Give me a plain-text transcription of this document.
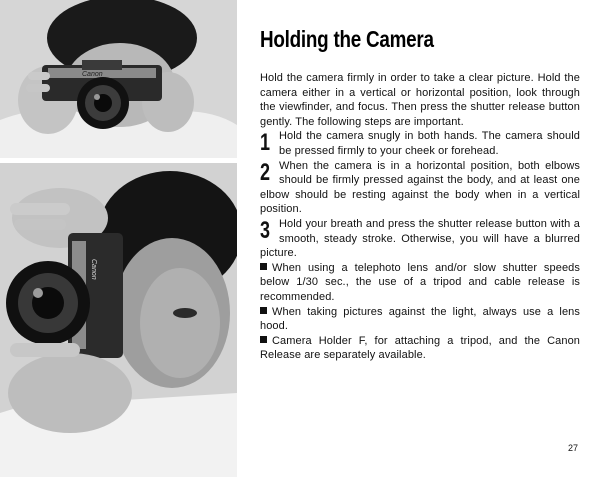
Canon
Canon
Holding the Camera

Hold the camera firmly in order to take a clear picture. Hold the camera either in a vertical or horizontal position, look through the viewfinder, and focus. Then press the shutter release button gently. The following steps are important.

1 Hold the camera snugly in both hands. The camera should be pressed firmly to your cheek or forehead.
2 When the camera is in a horizontal position, both elbows should be firmly pressed against the body, and at least one elbow should be resting against the body when in a vertical position.
3 Hold your breath and press the shutter release button with a smooth, steady stroke. Otherwise, you will have a blurred picture.

When using a telephoto lens and/or slow shutter speeds below 1/30 sec., the use of a tripod and cable release is recommended.

When taking pictures against the light, always use a lens hood.

Camera Holder F, for attaching a tripod, and the Canon Release are separately available.

27
